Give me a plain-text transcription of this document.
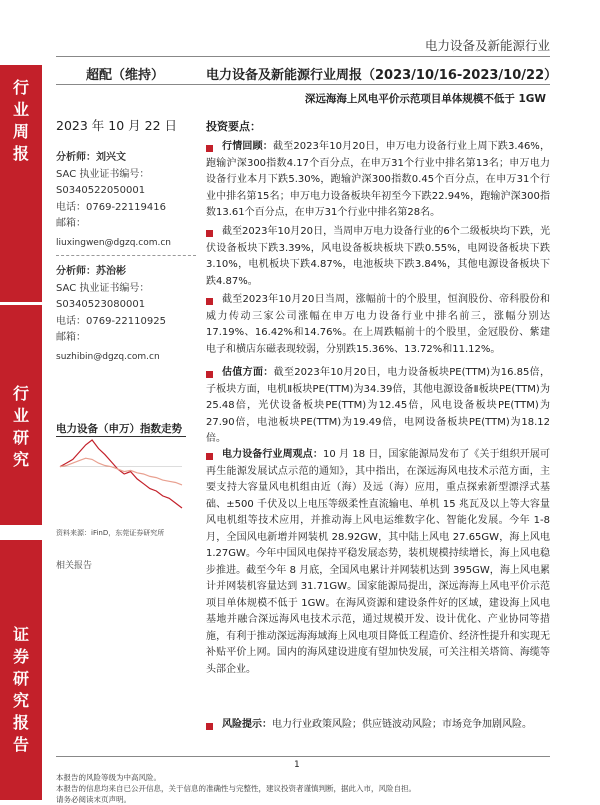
行
业
周
报
行
业
研
究
证
券
研
究
报
告
电力设备及新能源行业
超配（维持）	电力设备及新能源行业周报（2023/10/16-2023/10/22）
深远海海上风电平价示范项目单体规模不低于 1GW
2023 年 10 月 22 日	投资要点：
分析师：刘兴文
SAC 执业证书编号：
S0340522050001
电话：0769-22119416
邮箱：
liuxingwen@dgzq.com.cn
分析师：苏治彬
SAC 执业证书编号：
S0340523080001
电话：0769-22110925
邮箱：
suzhibin@dgzq.com.cn
电力设备（申万）指数走势
资料来源：iFinD，东莞证券研究所
相关报告
行情回顾：截至2023年10月20日，申万电力设备行业上周下跌3.46%，跑输沪深300指数4.17个百分点，在申万31个行业中排名第13名；申万电力设备行业本月下跌5.30%，跑输沪深300指数0.45个百分点，在申万31个行业中排名第15名；申万电力设备板块年初至今下跌22.94%，跑输沪深300指数13.61个百分点，在申万31个行业中排名第28名。
截至2023年10月20日，当周申万电力设备行业的6个二级板块均下跌，光伏设备板块下跌3.39%，风电设备板块板块下跌0.55%，电网设备板块下跌3.10%，电机板块下跌4.87%，电池板块下跌3.84%，其他电源设备板块下跌4.87%。
截至2023年10月20日当周，涨幅前十的个股里，恒润股份、帝科股份和威力传动三家公司涨幅在申万电力设备行业中排名前三，涨幅分别达17.19%、16.42%和14.76%。在上周跌幅前十的个股里，金冠股份、紫建电子和横店东磁表现较弱，分别跌15.36%、13.72%和11.12%。
估值方面：截至2023年10月20日，电力设备板块PE(TTM)为16.85倍，子板块方面，电机Ⅱ板块PE(TTM)为34.39倍，其他电源设备Ⅱ板块PE(TTM)为25.48倍，光伏设备板块PE(TTM)为12.45倍，风电设备板块PE(TTM)为27.90倍，电池板块PE(TTM)为19.49倍，电网设备板块PE(TTM)为18.12倍。
电力设备行业周观点：10 月 18 日，国家能源局发布了《关于组织开展可再生能源发展试点示范的通知》，其中指出，在深远海风电技术示范方面，主要支持大容量风电机组由近（海）及远（海）应用，重点探索新型漂浮式基础、±500 千伏及以上电压等级柔性直流输电、单机 15 兆瓦及以上等大容量风电机组等技术应用，并推动海上风电运维数字化、智能化发展。今年 1-8 月，全国风电新增并网装机 28.92GW，其中陆上风电 27.65GW，海上风电 1.27GW。今年中国风电保持平稳发展态势，装机规模持续增长，海上风电稳步推进。截至今年 8 月底，全国风电累计并网装机达到 395GW，海上风电累计并网装机容量达到 31.71GW。国家能源局提出，深远海海上风电平价示范项目单体规模不低于 1GW。在海风资源和建设条件好的区域，建设海上风电基地并融合深远海风电技术示范，通过规模开发、设计优化、产业协同等措施，有利于推动深远海海域海上风电项目降低工程造价、经济性提升和实现无补贴平价上网。国内的海风建设进度有望加快发展，可关注相关塔筒、海缆等头部企业。
风险提示：电力行业政策风险；供应链波动风险；市场竞争加剧风险。
1
本报告的风险等级为中高风险。
本报告的信息均来自已公开信息，关于信息的准确性与完整性，建议投资者谨慎判断，据此入市，风险自担。
请务必阅读末页声明。
